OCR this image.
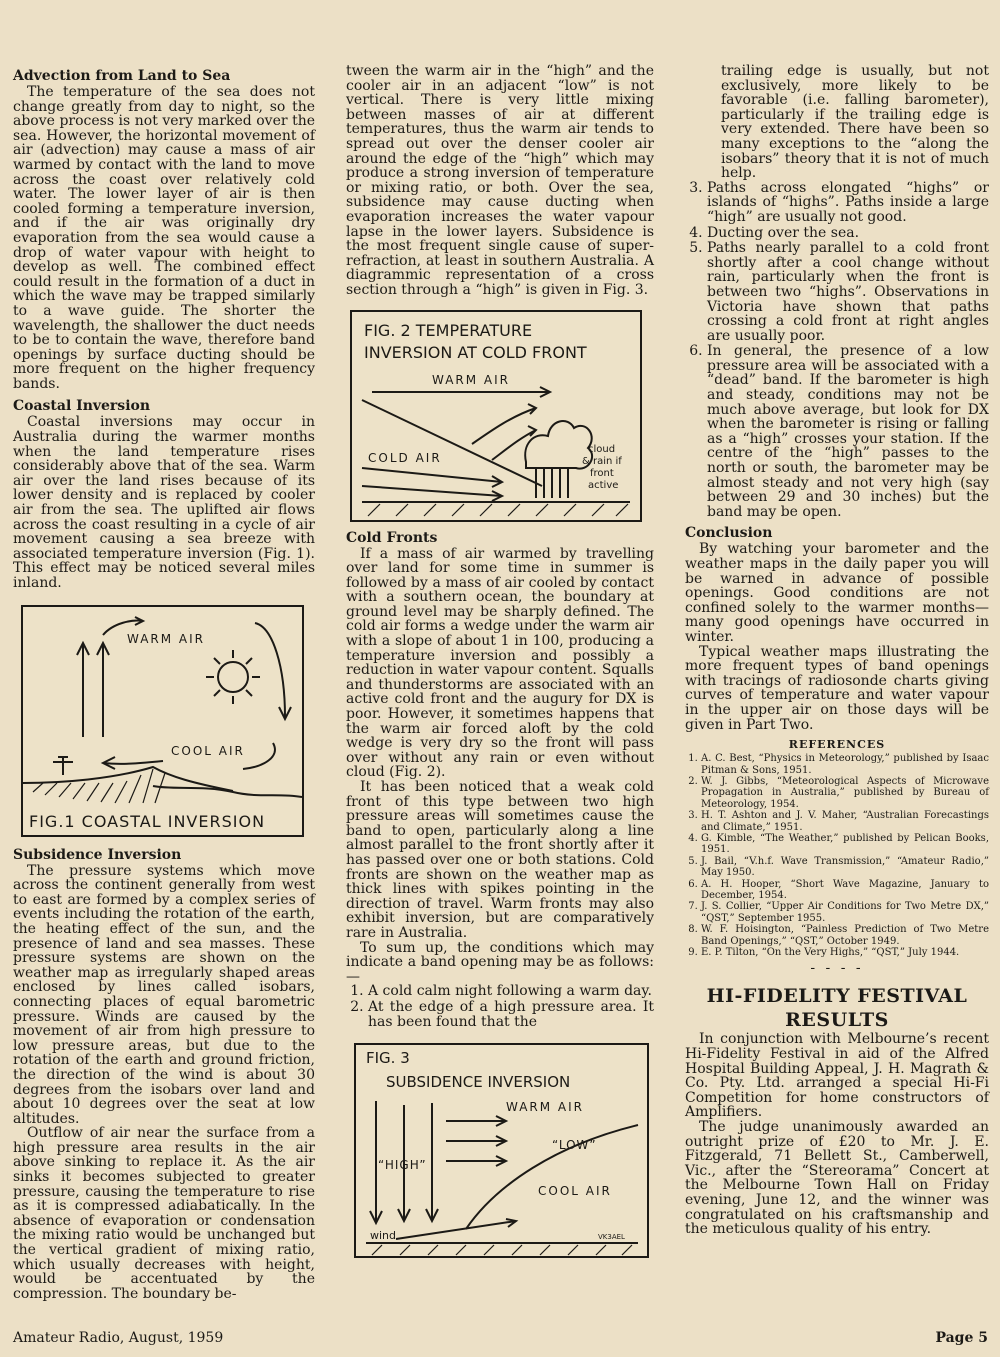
Advection from Land to Sea

The temperature of the sea does not change greatly from day to night, so the above process is not very marked over the sea. However, the horizontal movement of air (advection) may cause a mass of air warmed by contact with the land to move across the coast over relatively cold water. The lower layer of air is then cooled forming a temperature inversion, and if the air was originally dry evaporation from the sea would cause a drop of water vapour with height to develop as well. The combined effect could result in the formation of a duct in which the wave may be trapped similarly to a wave guide. The shorter the wavelength, the shallower the duct needs to be to contain the wave, therefore band openings by surface ducting should be more frequent on the higher frequency bands.

Coastal Inversion

Coastal inversions may occur in Australia during the warmer months when the land temperature rises considerably above that of the sea. Warm air over the land rises because of its lower density and is replaced by cooler air from the sea. The uplifted air flows across the coast resulting in a cycle of air movement causing a sea breeze with associated temperature inversion (Fig. 1). This effect may be noticed several miles inland.

WARM AIR
COOL AIR
FIG.1 COASTAL INVERSION
Subsidence Inversion

The pressure systems which move across the continent generally from west to east are formed by a complex series of events including the rotation of the earth, the heating effect of the sun, and the presence of land and sea masses. These pressure systems are shown on the weather map as irregularly shaped areas enclosed by lines called isobars, connecting places of equal barometric pressure. Winds are caused by the movement of air from high pressure to low pressure areas, but due to the rotation of the earth and ground friction, the direction of the wind is about 30 degrees from the isobars over land and about 10 degrees over the seat at low altitudes.

Outflow of air near the surface from a high pressure area results in the air above sinking to replace it. As the air sinks it becomes subjected to greater pressure, causing the temperature to rise as it is compressed adiabatically. In the absence of evaporation or condensation the mixing ratio would be unchanged but the vertical gradient of mixing ratio, which usually decreases with height, would be accentuated by the compression. The boundary be-

tween the warm air in the “high” and the cooler air in an adjacent “low” is not vertical. There is very little mixing between masses of air at different temperatures, thus the warm air tends to spread out over the denser cooler air around the edge of the “high” which may produce a strong inversion of temperature or mixing ratio, or both. Over the sea, subsidence may cause ducting when evaporation increases the water vapour lapse in the lower layers. Subsidence is the most frequent single cause of super-refraction, at least in southern Australia. A diagrammic representation of a cross section through a “high” is given in Fig. 3.

FIG. 2 TEMPERATURE
INVERSION AT COLD FRONT
WARM AIR
COLD AIR
cloud
& rain if
front
active
Cold Fronts

If a mass of air warmed by travelling over land for some time in summer is followed by a mass of air cooled by contact with a southern ocean, the boundary at ground level may be sharply defined. The cold air forms a wedge under the warm air with a slope of about 1 in 100, producing a temperature inversion and possibly a reduction in water vapour content. Squalls and thunderstorms are associated with an active cold front and the augury for DX is poor. However, it sometimes happens that the warm air forced aloft by the cold wedge is very dry so the front will pass over without any rain or even without cloud (Fig. 2).

It has been noticed that a weak cold front of this type between two high pressure areas will sometimes cause the band to open, particularly along a line almost parallel to the front shortly after it has passed over one or both stations. Cold fronts are shown on the weather map as thick lines with spikes pointing in the direction of travel. Warm fronts may also exhibit inversion, but are comparatively rare in Australia.

To sum up, the conditions which may indicate a band opening may be as follows:—

1. A cold calm night following a warm day.
2. At the edge of a high pressure area. It has been found that the
FIG. 3
SUBSIDENCE INVERSION
WARM AIR
“HIGH”
“LOW”
COOL AIR
wind	VK3AEL

trailing edge is usually, but not exclusively, more likely to be favorable (i.e. falling barometer), particularly if the trailing edge is very extended. There have been so many exceptions to the “along the isobars” theory that it is not of much help.

3. Paths across elongated “highs” or islands of “highs”. Paths inside a large “high” are usually not good.
4. Ducting over the sea.
5. Paths nearly parallel to a cold front shortly after a cool change without rain, particularly when the front is between two “highs”. Observations in Victoria have shown that paths crossing a cold front at right angles are usually poor.
6. In general, the presence of a low pressure area will be associated with a “dead” band. If the barometer is high and steady, conditions may not be much above average, but look for DX when the barometer is rising or falling as a “high” crosses your station. If the centre of the “high” passes to the north or south, the barometer may be almost steady and not very high (say between 29 and 30 inches) but the band may be open.
Conclusion

By watching your barometer and the weather maps in the daily paper you will be warned in advance of possible openings. Good conditions are not confined solely to the warmer months—many good openings have occurred in winter.

Typical weather maps illustrating the more frequent types of band openings with tracings of radiosonde charts giving curves of temperature and water vapour in the upper air on those days will be given in Part Two.

REFERENCES
1. A. C. Best, “Physics in Meteorology,” published by Isaac Pitman & Sons, 1951.
2. W. J. Gibbs, “Meteorological Aspects of Microwave Propagation in Australia,” published by Bureau of Meteorology, 1954.
3. H. T. Ashton and J. V. Maher, “Australian Forecastings and Climate,” 1951.
4. G. Kimble, “The Weather,” published by Pelican Books, 1951.
5. J. Bail, “V.h.f. Wave Transmission,” “Amateur Radio,” May 1950.
6. A. H. Hooper, “Short Wave Magazine, January to December, 1954.
7. J. S. Collier, “Upper Air Conditions for Two Metre DX,” “QST,” September 1955.
8. W. F. Hoisington, “Painless Prediction of Two Metre Band Openings,” “QST,” October 1949.
9. E. P. Tilton, “On the Very Highs,” “QST,” July 1944.
- - - -
HI-FIDELITY FESTIVAL RESULTS

In conjunction with Melbourne’s recent Hi-Fidelity Festival in aid of the Alfred Hospital Building Appeal, J. H. Magrath & Co. Pty. Ltd. arranged a special Hi-Fi Competition for home constructors of Amplifiers.

The judge unanimously awarded an outright prize of £20 to Mr. J. E. Fitzgerald, 71 Bellett St., Camberwell, Vic., after the “Stereorama” Concert at the Melbourne Town Hall on Friday evening, June 12, and the winner was congratulated on his craftsmanship and the meticulous quality of his entry.

Amateur Radio, August, 1959	Page 5
